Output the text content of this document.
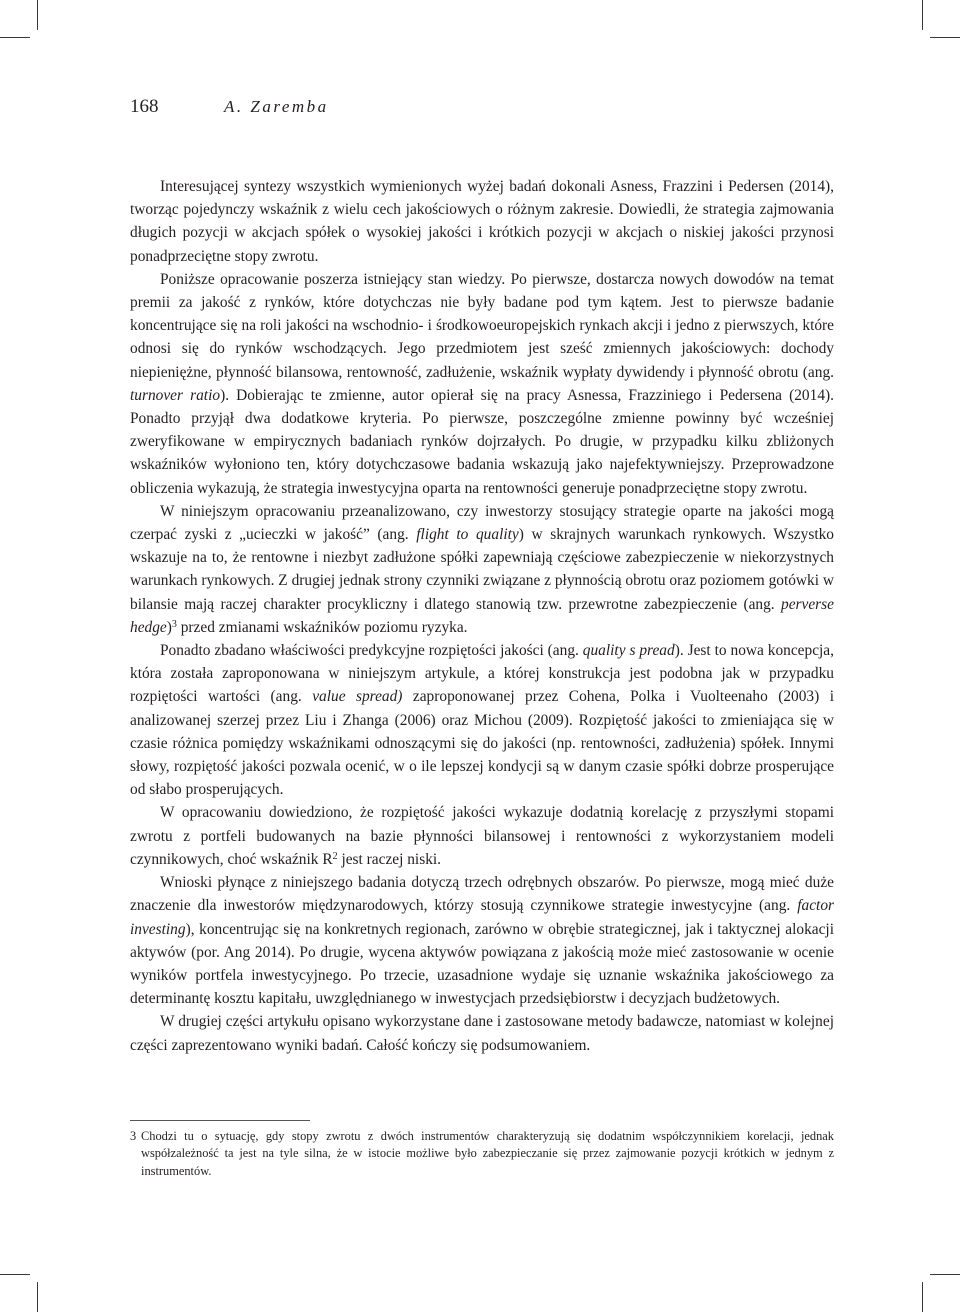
168	A. Zaremba

Interesującej syntezy wszystkich wymienionych wyżej badań dokonali Asness, Frazzini i Pedersen (2014), tworząc pojedynczy wskaźnik z wielu cech jakościowych o różnym zakresie. Dowiedli, że strategia zajmowania długich pozycji w akcjach spółek o wysokiej jakości i krótkich pozycji w akcjach o niskiej jakości przynosi ponadprzeciętne stopy zwrotu.

Poniższe opracowanie poszerza istniejący stan wiedzy. Po pierwsze, dostarcza nowych dowodów na temat premii za jakość z rynków, które dotychczas nie były badane pod tym kątem. Jest to pierwsze badanie koncentrujące się na roli jakości na wschodnio- i środkowoeuropejskich rynkach akcji i jedno z pierwszych, które odnosi się do rynków wschodzących. Jego przedmiotem jest sześć zmiennych jakościowych: dochody niepieniężne, płynność bilansowa, rentowność, zadłużenie, wskaźnik wypłaty dywidendy i płynność obrotu (ang. turnover ratio). Dobierając te zmienne, autor opierał się na pracy Asnessa, Frazziniego i Pedersena (2014). Ponadto przyjął dwa dodatkowe kryteria. Po pierwsze, poszczególne zmienne powinny być wcześniej zweryfikowane w empirycznych badaniach rynków dojrzałych. Po drugie, w przypadku kilku zbliżonych wskaźników wyłoniono ten, który dotychczasowe badania wskazują jako najefektywniejszy. Przeprowadzone obliczenia wykazują, że strategia inwestycyjna oparta na rentowności generuje ponadprzeciętne stopy zwrotu.

W niniejszym opracowaniu przeanalizowano, czy inwestorzy stosujący strategie oparte na jakości mogą czerpać zyski z „ucieczki w jakość” (ang. flight to quality) w skrajnych warunkach rynkowych. Wszystko wskazuje na to, że rentowne i niezbyt zadłużone spółki zapewniają częściowe zabezpieczenie w niekorzystnych warunkach rynkowych. Z drugiej jednak strony czynniki związane z płynnością obrotu oraz poziomem gotówki w bilansie mają raczej charakter procykliczny i dlatego stanowią tzw. przewrotne zabezpieczenie (ang. perverse hedge)$^3$ przed zmianami wskaźników poziomu ryzyka.

Ponadto zbadano właściwości predykcyjne rozpiętości jakości (ang. quality s pread). Jest to nowa koncepcja, która została zaproponowana w niniejszym artykule, a której konstrukcja jest podobna jak w przypadku rozpiętości wartości (ang. value spread) zaproponowanej przez Cohena, Polka i Vuolteenaho (2003) i analizowanej szerzej przez Liu i Zhanga (2006) oraz Michou (2009). Rozpiętość jakości to zmieniająca się w czasie różnica pomiędzy wskaźnikami odnoszącymi się do jakości (np. rentowności, zadłużenia) spółek. Innymi słowy, rozpiętość jakości pozwala ocenić, w o ile lepszej kondycji są w danym czasie spółki dobrze prosperujące od słabo prosperujących.

W opracowaniu dowiedziono, że rozpiętość jakości wykazuje dodatnią korelację z przyszłymi stopami zwrotu z portfeli budowanych na bazie płynności bilansowej i rentowności z wykorzystaniem modeli czynnikowych, choć wskaźnik $R^2$ jest raczej niski.

Wnioski płynące z niniejszego badania dotyczą trzech odrębnych obszarów. Po pierwsze, mogą mieć duże znaczenie dla inwestorów międzynarodowych, którzy stosują czynnikowe strategie inwestycyjne (ang. factor investing), koncentrując się na konkretnych regionach, zarówno w obrębie strategicznej, jak i taktycznej alokacji aktywów (por. Ang 2014). Po drugie, wycena aktywów powiązana z jakością może mieć zastosowanie w ocenie wyników portfela inwestycyjnego. Po trzecie, uzasadnione wydaje się uznanie wskaźnika jakościowego za determinantę kosztu kapitału, uwzględnianego w inwestycjach przedsiębiorstw i decyzjach budżetowych.

W drugiej części artykułu opisano wykorzystane dane i zastosowane metody badawcze, natomiast w kolejnej części zaprezentowano wyniki badań. Całość kończy się podsumowaniem.

3 Chodzi tu o sytuację, gdy stopy zwrotu z dwóch instrumentów charakteryzują się dodatnim współczynnikiem korelacji, jednak współzależność ta jest na tyle silna, że w istocie możliwe było zabezpieczanie się przez zajmowanie pozycji krótkich w jednym z instrumentów.
